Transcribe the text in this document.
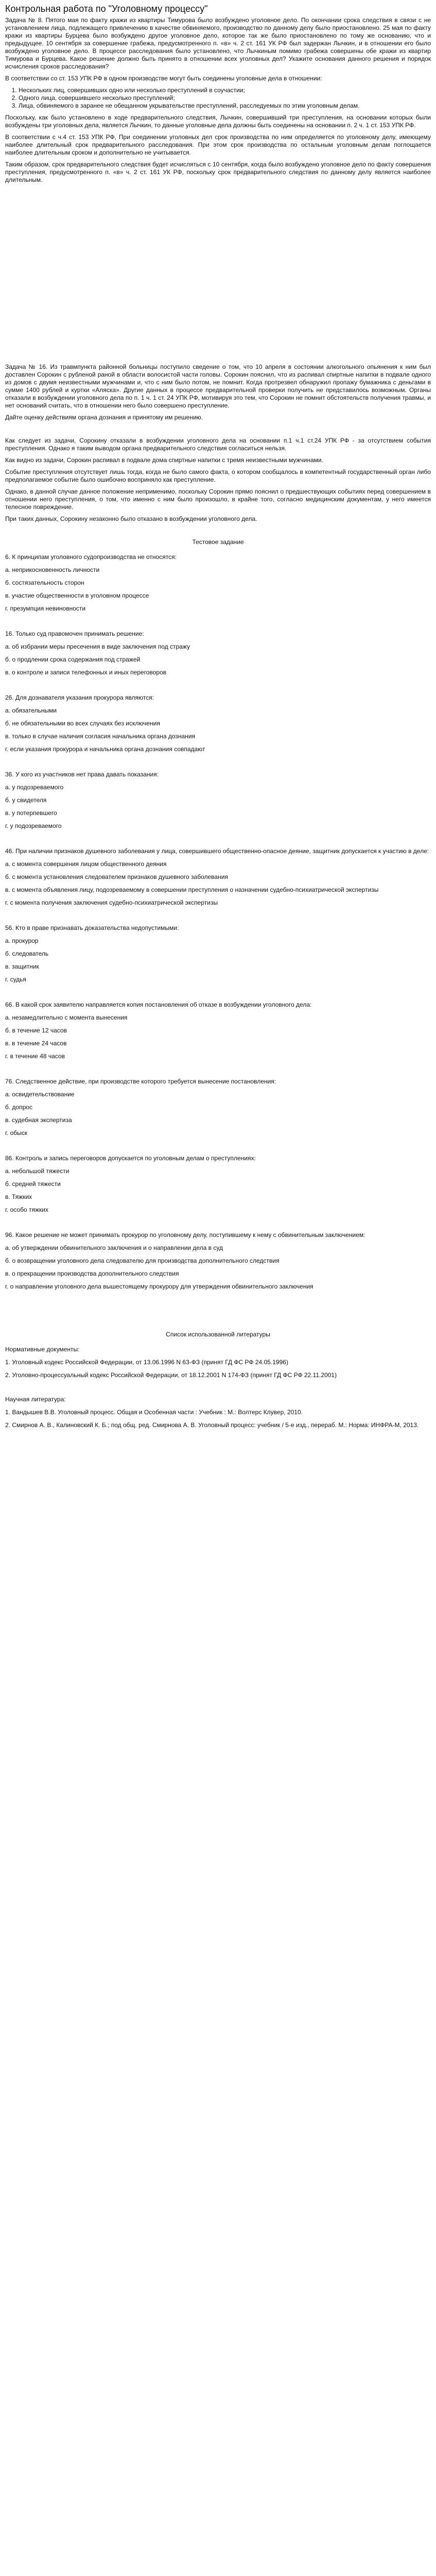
Контрольная работа по "Уголовному процессу"

Задача № 8. Пятого мая по факту кражи из квартиры Тимурова было возбуждено уголовное дело. По окончании срока следствия в связи с не установлением лица, подлежащего привлечению в качестве обвиняемого, производство по данному делу было приостановлено. 25 мая по факту кражи из квартиры Бурцева было возбуждено другое уголовное дело, которое так же было приостановлено по тому же основанию, что и предыдущее. 10 сентября за совершение грабежа, предусмотренного п. «в» ч. 2 ст. 161 УК РФ был задержан Лычкин, и в отношении его было возбуждено уголовное дело. В процессе расследования было установлено, что Лычкиным помимо грабежа совершены обе кражи из квартир Тимурова и Бурцева. Какое решение должно быть принято в отношении всех уголовных дел? Укажите основания данного решения и порядок исчисления сроков расследования?

В соответствии со ст. 153 УПК РФ в одном производстве могут быть соединены уголовные дела в отношении:

1. Нескольких лиц, совершивших одно или несколько преступлений в соучастии;
2. Одного лица, совершившего несколько преступлений;
3. Лица, обвиняемого в заранее не обещанном укрывательстве преступлений, расследуемых по этим уголовным делам.

Поскольку, как было установлено в ходе предварительного следствия, Лычкин, совершивший три преступления, на основании которых были возбуждены три уголовных дела, является Лычкин, то данные уголовные дела должны быть соединены на основании п. 2 ч. 1 ст. 153 УПК РФ.

В соответствии с ч.4 ст. 153 УПК РФ, При соединении уголовных дел срок производства по ним определяется по уголовному делу, имеющему наиболее длительный срок предварительного расследования. При этом срок производства по остальным уголовным делам поглощается наиболее длительным сроком и дополнительно не учитывается.

Таким образом, срок предварительного следствия будет исчисляться с 10 сентября, когда было возбуждено уголовное дело по факту совершения преступления, предусмотренного п. «в» ч. 2 ст. 161 УК РФ, поскольку срок предварительного следствия по данному делу является наиболее длительным.

Задача № 16. Из травмпункта районной больницы поступило сведение о том, что 10 апреля в состоянии алкогольного опьянения к ним был доставлен Сорокин с рубленой раной в области волосистой части головы. Сорокин пояснил, что из распивал спиртные напитки в подвале одного из домов с двумя неизвестными мужчинами и, что с ним было потом, не помнит. Когда протрезвел обнаружил пропажу бумажника с деньгами в сумме 1400 рублей и куртки «Аляска». Другие данных в процессе предварительной проверки получить не представилось возможным. Органы отказали в возбуждении уголовного дела по п. 1 ч. 1 ст. 24 УПК РФ, мотивируя это тем, что Сорокин не помнит обстоятельств получения травмы, и нет оснований считать, что в отношении него было совершено преступление.

Дайте оценку действиям органа дознания и принятому им решению.

Как следует из задачи, Сорокину отказали в возбуждении уголовного дела на основании п.1 ч.1 ст.24 УПК РФ - за отсутствием события преступления. Однако я таким выводом органа предварительного следствия согласиться нельзя.

Как видно из задачи, Сорокин распивал в подвале дома спиртные напитки с тремя неизвестными мужчинами.

Событие преступления отсутствует лишь тогда, когда не было самого факта, о котором сообщалось в компетентный государственный орган либо предполагаемое событие было ошибочно восприняло как преступление.

Однако, в данной случае данное положение неприменимо, поскольку Сорокин прямо пояснил о предшествующих событиях перед совершением в отношении него преступления, о том, что именно с ним было произошло, в крайне того, согласно медицинским документам, у него имеется телесное повреждение.

При таких данных, Сорокину незаконно было отказано в возбуждении уголовного дела.

Тестовое задание
6. К принципам уголовного судопроизводства не относятся:
а. неприкосновенность личности
б. состязательность сторон
в. участие общественности в уголовном процессе
г. презумпция невиновности
16. Только суд правомочен принимать решение:
а. об избрании меры пресечения в виде заключения под стражу
б. о продлении срока содержания под стражей
в. о контроле и записи телефонных и иных переговоров
26. Для дознавателя указания прокурора являются:
а. обязательными
б. не обязательными во всех случаях без исключения
в. только в случае наличия согласия начальника органа дознания
г. если указания прокурора и начальника органа дознания совпадают
36. У кого из участников нет права давать показания:
а. у подозреваемого
б. у свидетеля
в. у потерпевшего
г. у подозреваемого
46. При наличии признаков душевного заболевания у лица, совершившего общественно-опасное деяние, защитник допускается к участию в деле:
а. с момента совершения лицом общественного деяния
б. с момента установления следователем признаков душевного заболевания
в. с момента объявления лицу, подозреваемому в совершении преступления о назначении судебно-психиатрической экспертизы
г. с момента получения заключения судебно-психиатрической экспертизы
56. Кто в праве признавать доказательства недопустимыми:
а. прокурор
б. следователь
в. защитник
г. судья
66. В какой срок заявителю направляется копия постановления об отказе в возбуждении уголовного дела:
а. незамедлительно с момента вынесения
б. в течение 12 часов
в. в течение 24 часов
г. в течение 48 часов
76. Следственное действие, при производстве которого требуется вынесение постановления:
а. освидетельствование
б. допрос
в. судебная экспертиза
г. обыск
86. Контроль и запись переговоров допускается по уголовным делам о преступлениях:
а. небольшой тяжести
б. средней тяжести
в. Тяжких
г. особо тяжких
96. Какое решение не может принимать прокурор по уголовному делу, поступившему к нему с обвинительным заключением:
а. об утверждении обвинительного заключения и о направлении дела в суд
б. о возвращении уголовного дела следователю для производства дополнительного следствия
в. о прекращении производства дополнительного следствия
г. о направлении уголовного дела вышестоящему прокурору для утверждения обвинительного заключения
Список использованной литературы

Нормативные документы:

1. Уголовный кодекс Российской Федерации, от 13.06.1996 N 63-ФЗ (принят ГД ФС РФ 24.05.1996)

2. Уголовно-процессуальный кодекс Российской Федерации, от 18.12.2001 N 174-ФЗ (принят ГД ФС РФ 22.11.2001)

Научная литература:

1. Вандышев В.В. Уголовный процесс. Общая и Особенная части : Учебник : М.: Волтерс Клувер, 2010.

2. Смирнов А. В., Калиновский К. Б.; под общ. ред. Смирнова А. В. Уголовный процесс: учебник / 5-е изд., перераб. М.: Норма: ИНФРА-М, 2013.
